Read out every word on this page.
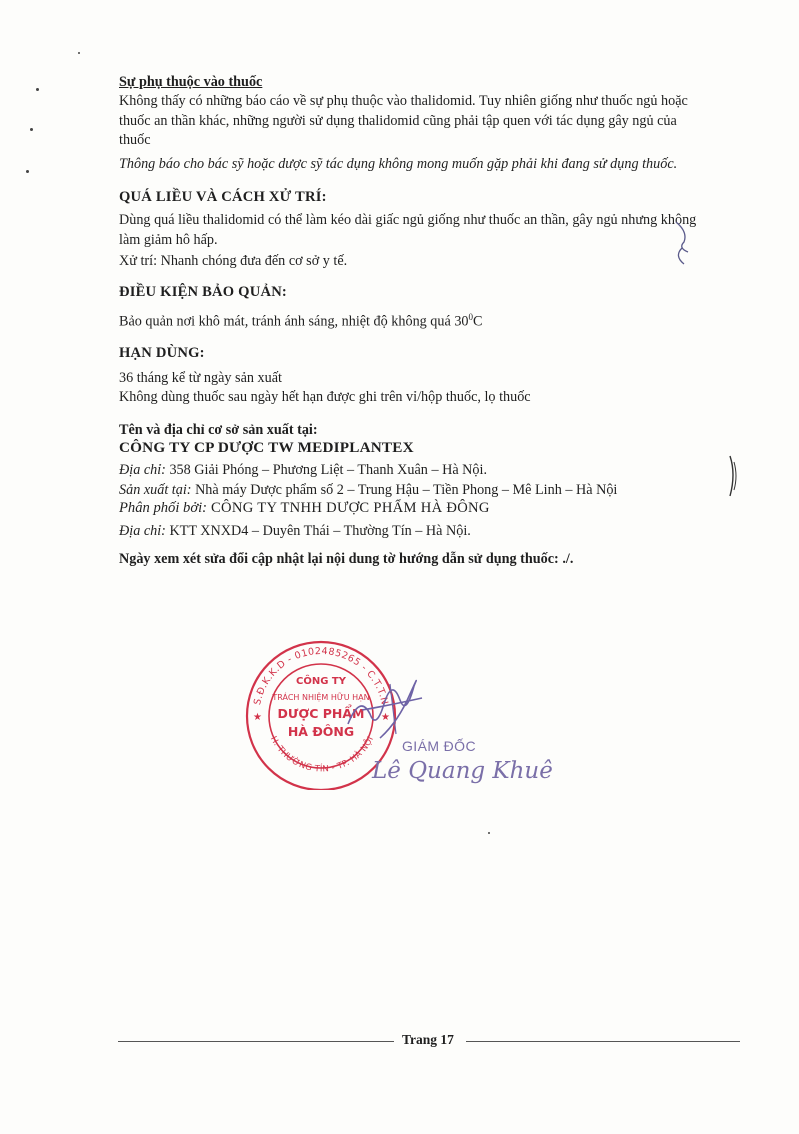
Sự phụ thuộc vào thuốc
Không thấy có những báo cáo về sự phụ thuộc vào thalidomid. Tuy nhiên giống như thuốc ngủ hoặc
thuốc an thần khác, những người sử dụng thalidomid cũng phải tập quen với tác dụng gây ngủ của
thuốc
Thông báo cho bác sỹ hoặc dược sỹ tác dụng không mong muốn gặp phải khi đang sử dụng thuốc.
QUÁ LIỀU VÀ CÁCH XỬ TRÍ:
Dùng quá liều thalidomid có thể làm kéo dài giấc ngủ giống như thuốc an thần, gây ngủ nhưng không
làm giảm hô hấp.
Xử trí: Nhanh chóng đưa đến cơ sở y tế.
ĐIỀU KIỆN BẢO QUẢN:
Bảo quản nơi khô mát, tránh ánh sáng, nhiệt độ không quá $30^0C$
HẠN DÙNG:
36 tháng kể từ ngày sản xuất
Không dùng thuốc sau ngày hết hạn được ghi trên vỉ/hộp thuốc, lọ thuốc
Tên và địa chỉ cơ sở sản xuất tại:
CÔNG TY CP DƯỢC TW MEDIPLANTEX
Địa chỉ: 358 Giải Phóng – Phương Liệt – Thanh Xuân – Hà Nội.
Sản xuất tại: Nhà máy Dược phẩm số 2 – Trung Hậu – Tiền Phong – Mê Linh – Hà Nội
Phân phối bởi: CÔNG TY TNHH DƯỢC PHẨM HÀ ĐÔNG
Địa chỉ: KTT XNXD4 – Duyên Thái – Thường Tín – Hà Nội.
Ngày xem xét sửa đổi cập nhật lại nội dung tờ hướng dẫn sử dụng thuốc: ./.
S.Đ.K.K.D - 0102485265 - C.T.T.N
H. THƯỜNG TÍN - TP. HÀ NỘI
CÔNG TY
TRÁCH NHIỆM HỮU HẠN
DƯỢC PHẨM
HÀ ĐÔNG
★	★
GIÁM ĐỐC
Lê Quang Khuê
Trang 17
